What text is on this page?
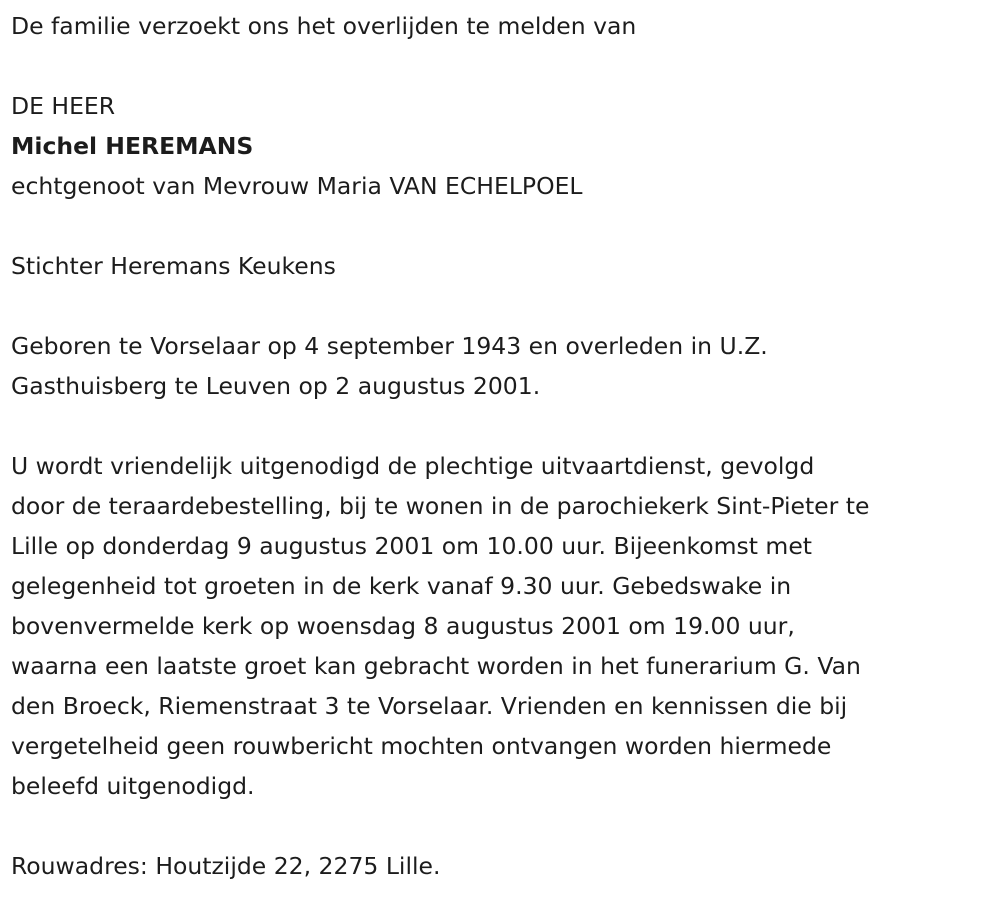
De familie verzoekt ons het overlijden te melden van

DE HEER

Michel HEREMANS

echtgenoot van Mevrouw Maria VAN ECHELPOEL

Stichter Heremans Keukens

Geboren te Vorselaar op 4 september 1943 en overleden in U.Z.

Gasthuisberg te Leuven op 2 augustus 2001.

U wordt vriendelijk uitgenodigd de plechtige uitvaartdienst, gevolgd

door de teraardebestelling, bij te wonen in de parochiekerk Sint-Pieter te

Lille op donderdag 9 augustus 2001 om 10.00 uur. Bijeenkomst met

gelegenheid tot groeten in de kerk vanaf 9.30 uur. Gebedswake in

bovenvermelde kerk op woensdag 8 augustus 2001 om 19.00 uur,

waarna een laatste groet kan gebracht worden in het funerarium G. Van

den Broeck, Riemenstraat 3 te Vorselaar. Vrienden en kennissen die bij

vergetelheid geen rouwbericht mochten ontvangen worden hiermede

beleefd uitgenodigd.

Rouwadres: Houtzijde 22, 2275 Lille.
